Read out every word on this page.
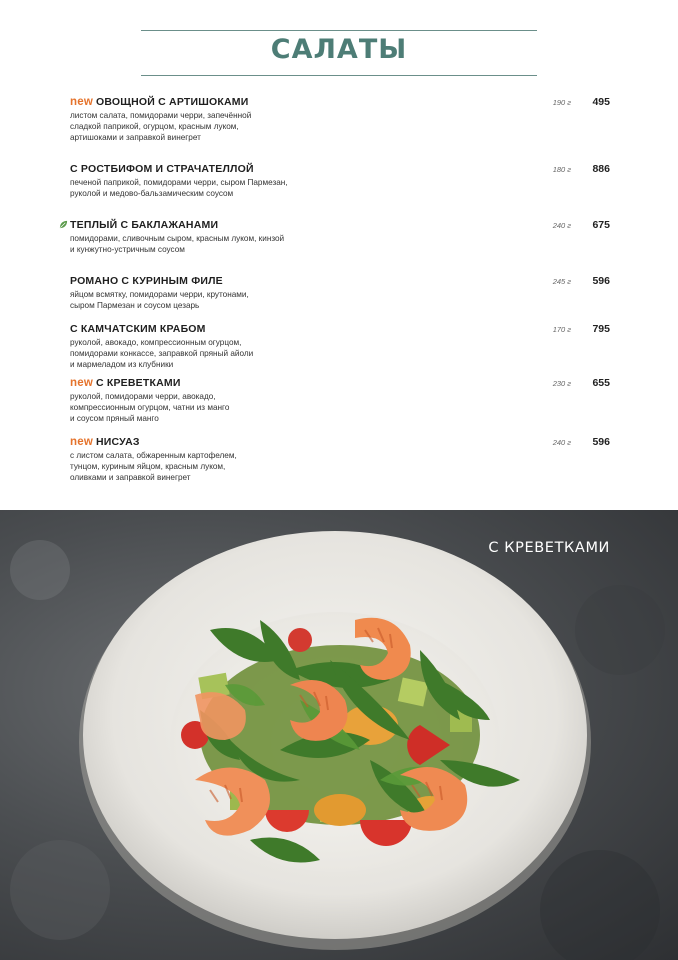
САЛАТЫ
new ОВОЩНОЙ С АРТИШОКАМИ
листом салата, помидорами черри, запечённой
сладкой паприкой, огурцом, красным луком,
артишоками и заправкой винегрет
190 г 495
С РОСТБИФОМ И СТРАЧАТЕЛЛОЙ
печеной паприкой, помидорами черри, сыром Пармезан,
руколой и медово-бальзамическим соусом
180 г 886
ТЕПЛЫЙ С БАКЛАЖАНАМИ
помидорами, сливочным сыром, красным луком, кинзой
и кунжутно-устричным соусом
240 г 675
РОМАНО С КУРИНЫМ ФИЛЕ
яйцом всмятку, помидорами черри, крутонами,
сыром Пармезан и соусом цезарь
245 г 596
С КАМЧАТСКИМ КРАБОМ
руколой, авокадо, компрессионным огурцом,
помидорами конкассе, заправкой пряный айоли
и мармеладом из клубники
170 г 795
new С КРЕВЕТКАМИ
руколой, помидорами черри, авокадо,
компрессионным огурцом, чатни из манго
и соусом пряный манго
230 г 655
new НИСУАЗ
с листом салата, обжаренным картофелем,
тунцом, куриным яйцом, красным луком,
оливками и заправкой винегрет
240 г 596
С КРЕВЕТКАМИ
